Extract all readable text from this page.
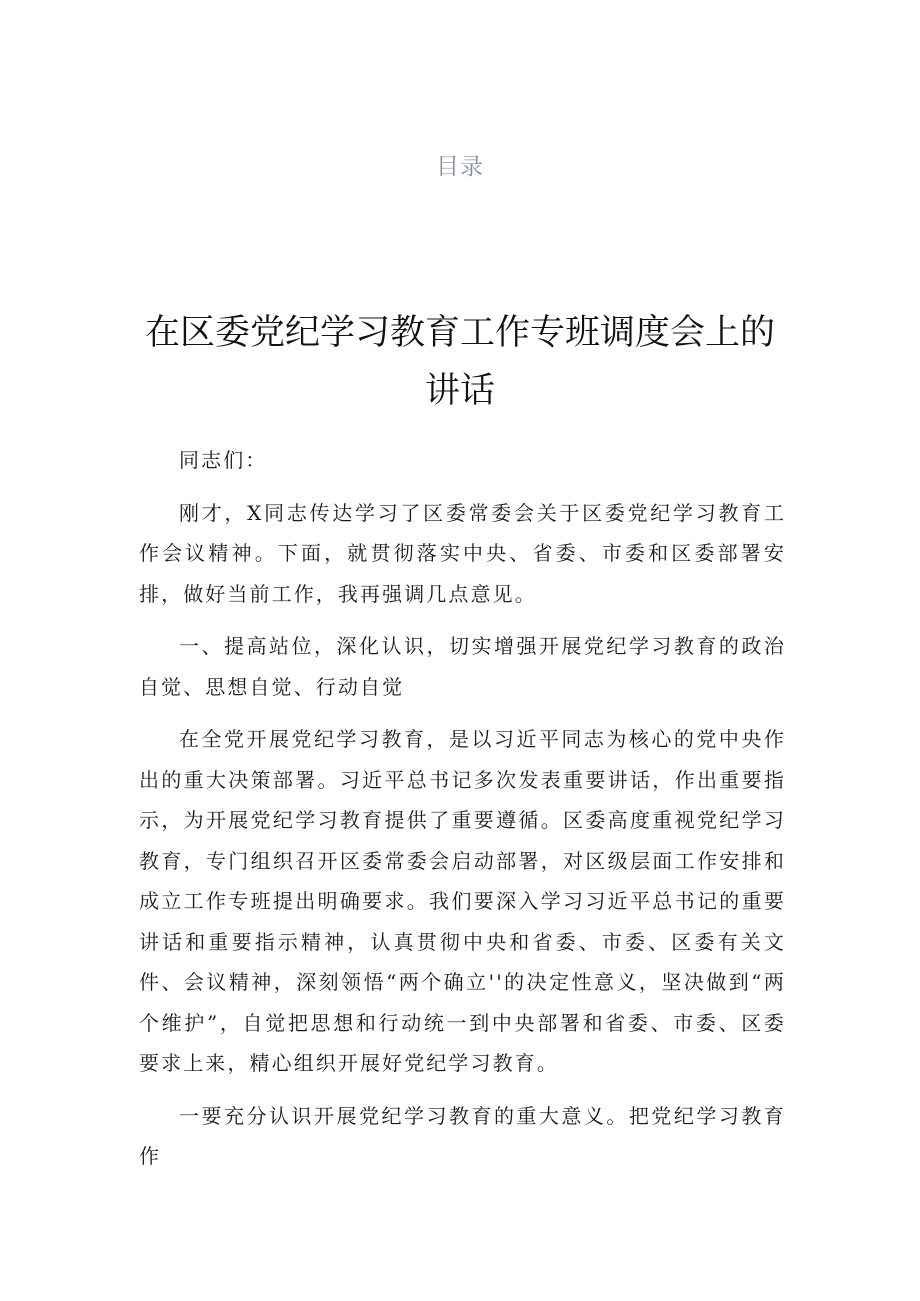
目录
在区委党纪学习教育工作专班调度会上的讲话

同志们：

刚才，X同志传达学习了区委常委会关于区委党纪学习教育工作会议精神。下面，就贯彻落实中央、省委、市委和区委部署安排，做好当前工作，我再强调几点意见。

一、提高站位，深化认识，切实增强开展党纪学习教育的政治自觉、思想自觉、行动自觉

在全党开展党纪学习教育，是以习近平同志为核心的党中央作出的重大决策部署。习近平总书记多次发表重要讲话，作出重要指示，为开展党纪学习教育提供了重要遵循。区委高度重视党纪学习教育，专门组织召开区委常委会启动部署，对区级层面工作安排和成立工作专班提出明确要求。我们要深入学习习近平总书记的重要讲话和重要指示精神，认真贯彻中央和省委、市委、区委有关文件、会议精神，深刻领悟“两个确立''的决定性意义，坚决做到“两个维护”，自觉把思想和行动统一到中央部署和省委、市委、区委要求上来，精心组织开展好党纪学习教育。

一要充分认识开展党纪学习教育的重大意义。把党纪学习教育作
